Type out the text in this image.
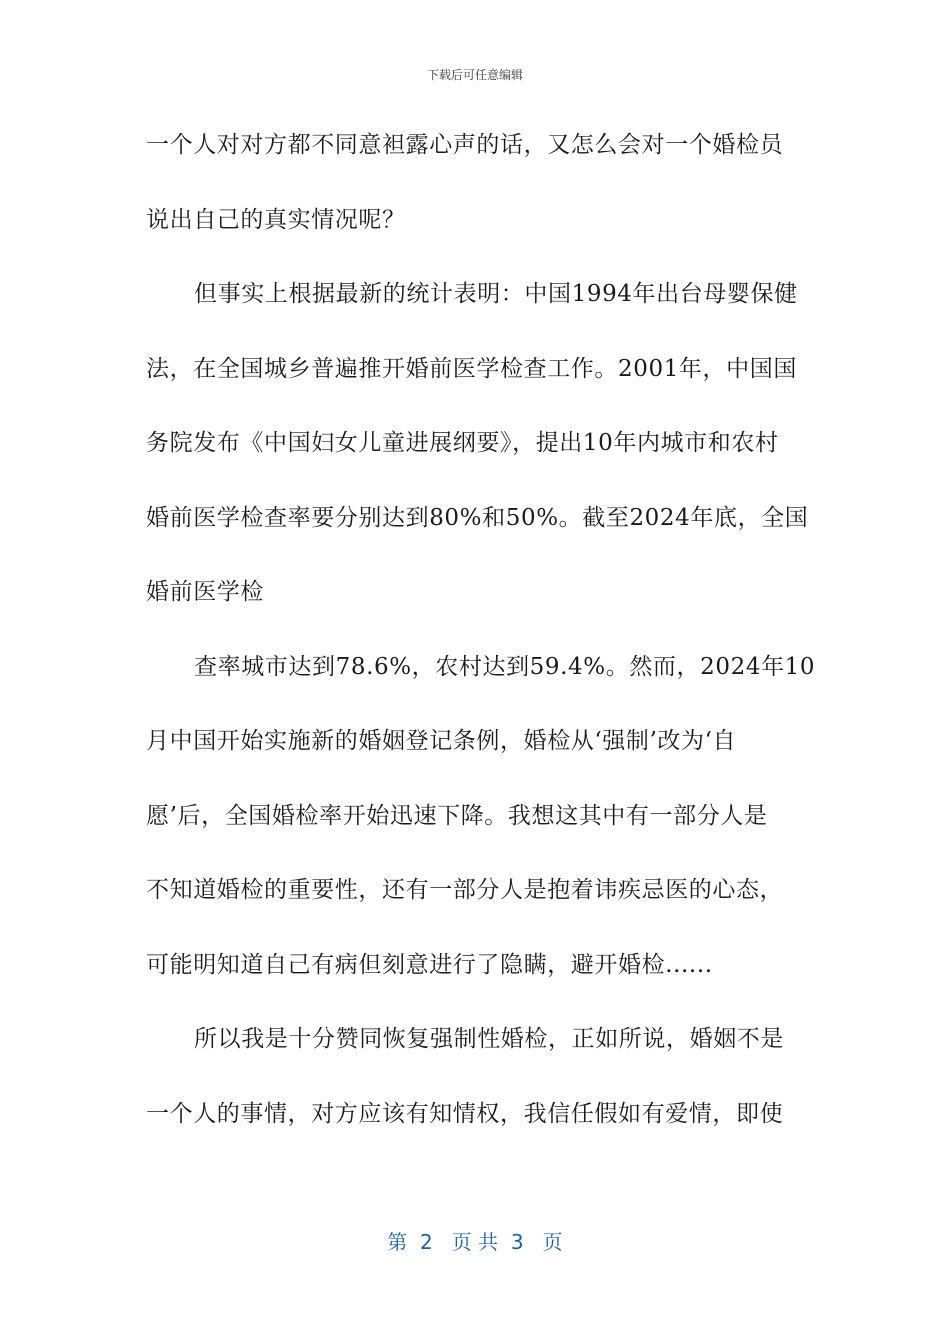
下载后可任意编辑
一个人对对方都不同意袒露心声的话，又怎么会对一个婚检员
说出自己的真实情况呢？
但事实上根据最新的统计表明：中国1994年出台母婴保健
法，在全国城乡普遍推开婚前医学检查工作。2001年，中国国
务院发布《中国妇女儿童进展纲要》，提出10年内城市和农村
婚前医学检查率要分别达到80%和50%。截至2024年底，全国
婚前医学检
查率城市达到78.6%，农村达到59.4%。然而，2024年10
月中国开始实施新的婚姻登记条例，婚检从‘强制’改为‘自
愿’后，全国婚检率开始迅速下降。我想这其中有一部分人是
不知道婚检的重要性，还有一部分人是抱着讳疾忌医的心态，
可能明知道自己有病但刻意进行了隐瞒，避开婚检......
所以我是十分赞同恢复强制性婚检，正如所说，婚姻不是
一个人的事情，对方应该有知情权，我信任假如有爱情，即使
第  2   页 共  3   页
